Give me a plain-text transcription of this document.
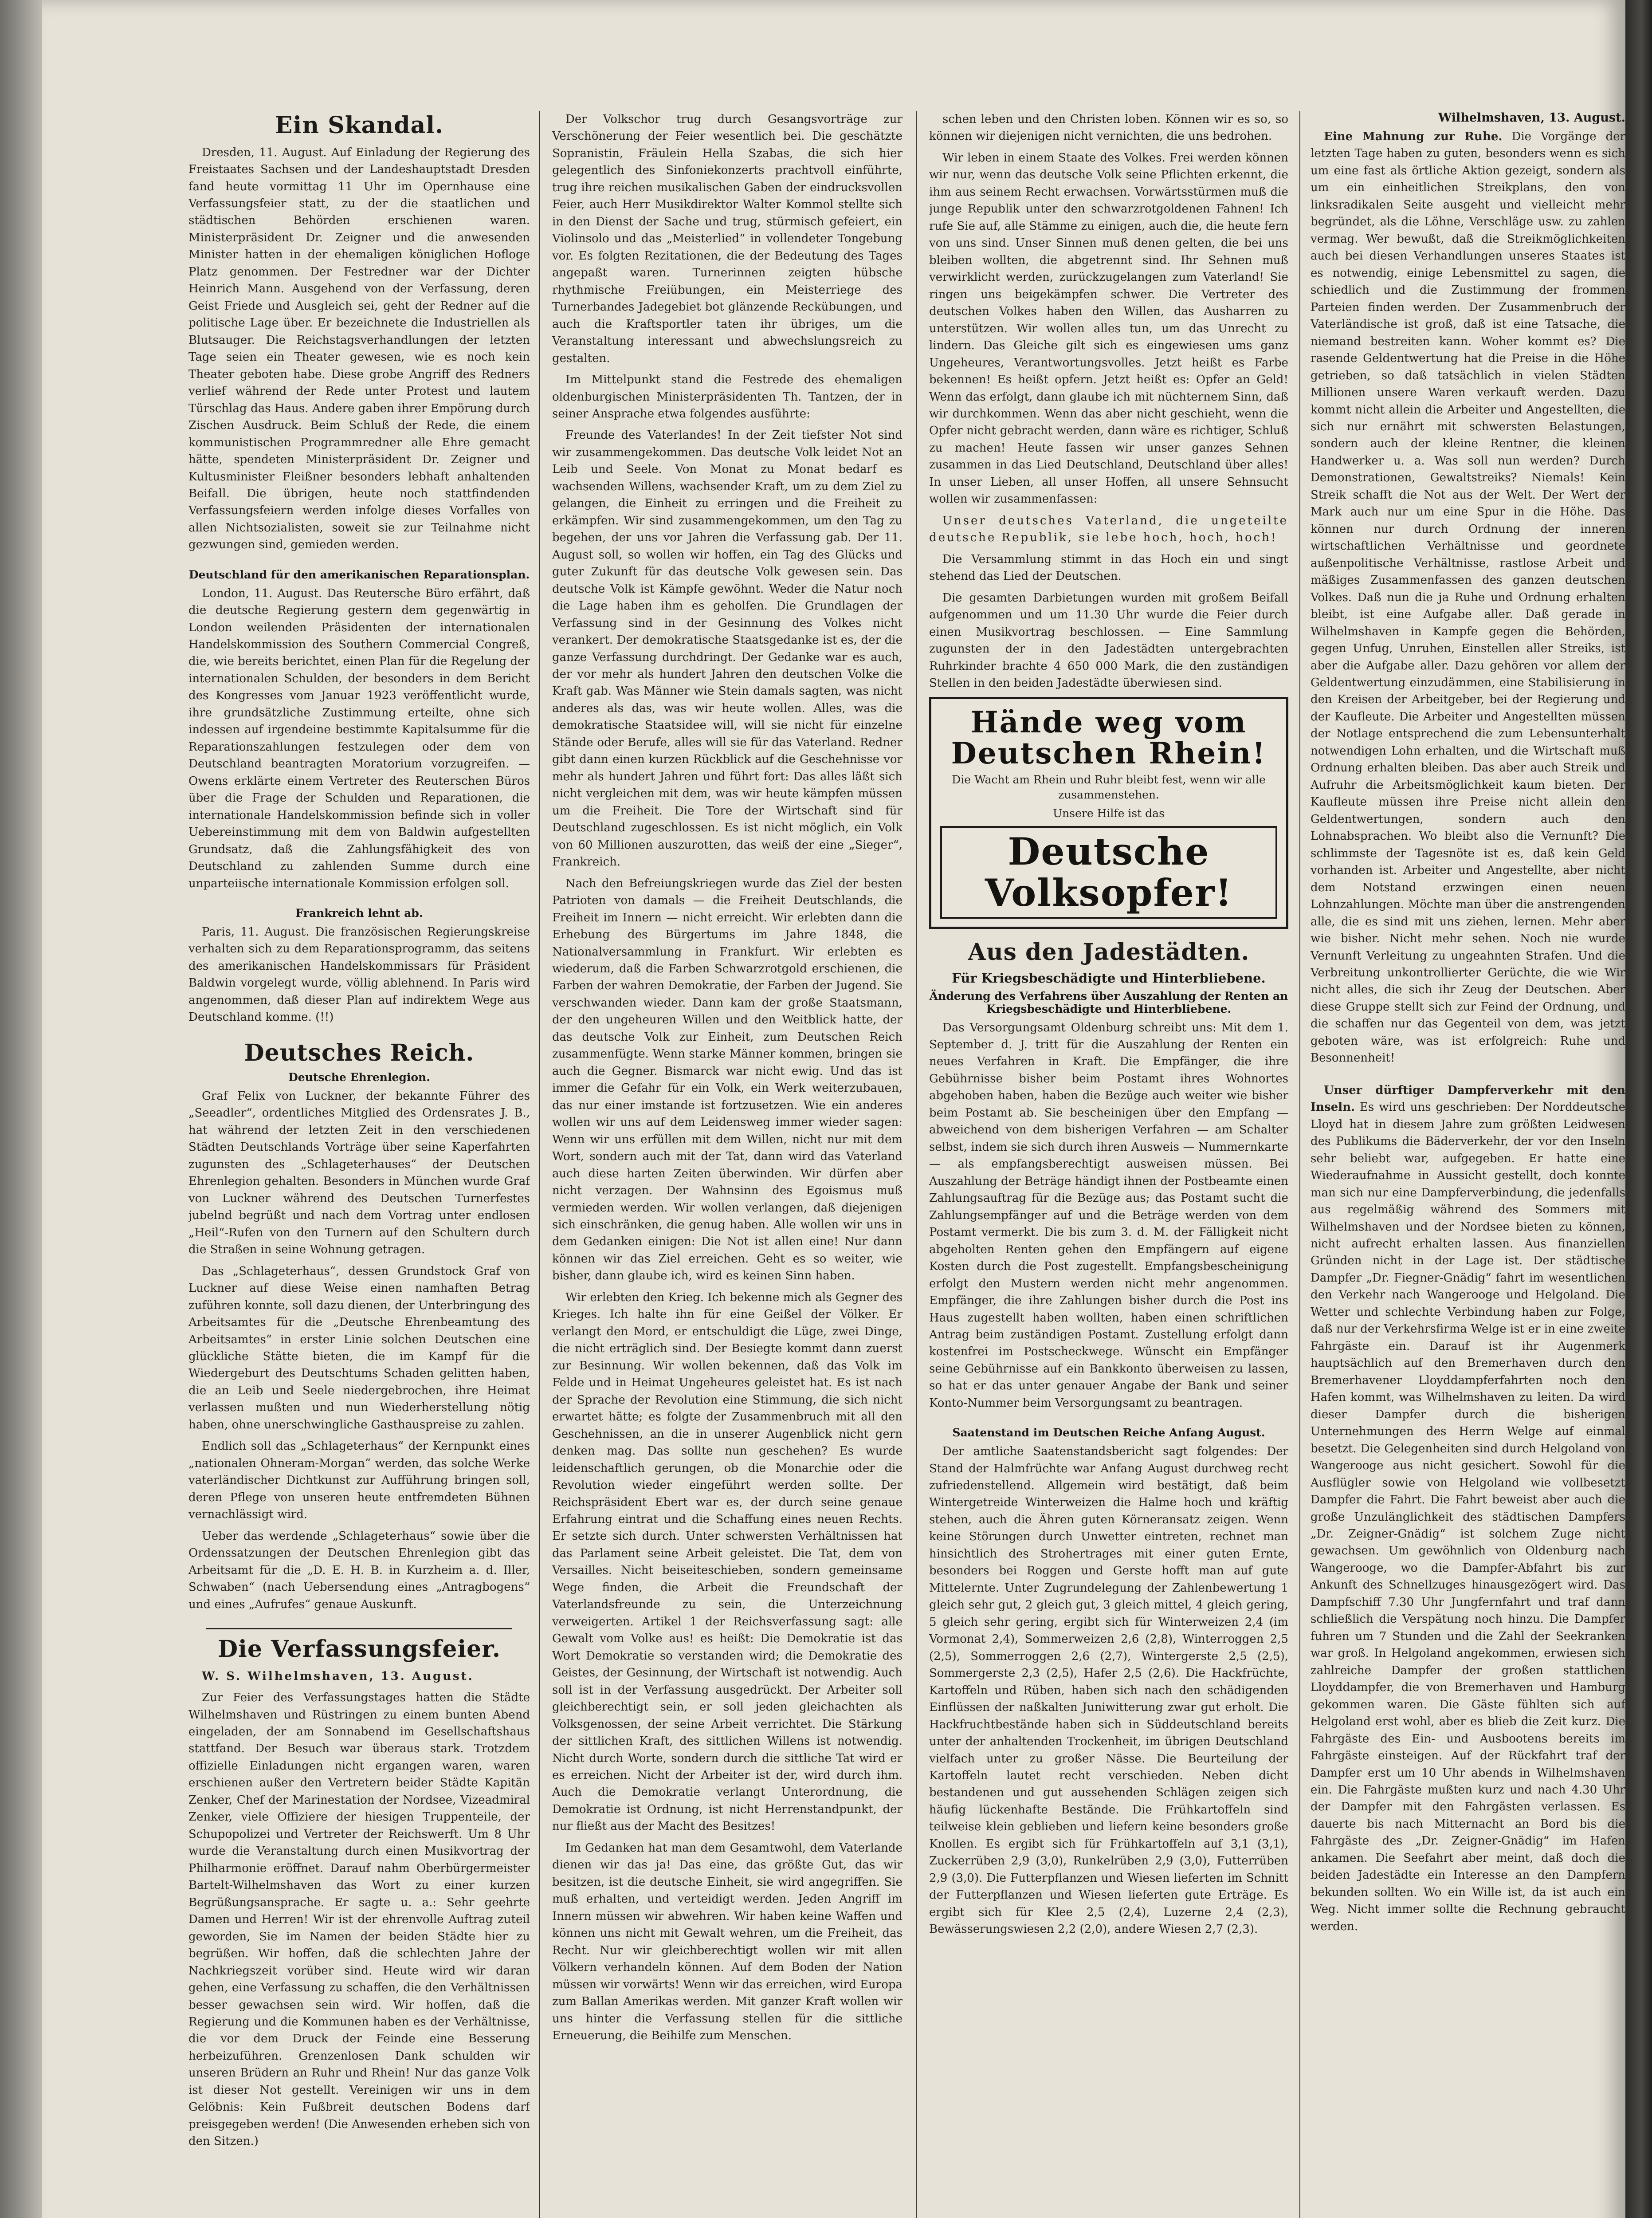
Ein Skandal.

Dresden, 11. August. Auf Einladung der Regierung des Freistaates Sachsen und der Landeshauptstadt Dresden fand heute vormittag 11 Uhr im Opernhause eine Verfassungsfeier statt, zu der die staatlichen und städtischen Behörden erschienen waren. Ministerpräsident Dr. Zeigner und die anwesenden Minister hatten in der ehemaligen königlichen Hofloge Platz genommen. Der Festredner war der Dichter Heinrich Mann. Ausgehend von der Verfassung, deren Geist Friede und Ausgleich sei, geht der Redner auf die politische Lage über. Er bezeichnete die Industriellen als Blutsauger. Die Reichstagsverhandlungen der letzten Tage seien ein Theater gewesen, wie es noch kein Theater geboten habe. Diese grobe Angriff des Redners verlief während der Rede unter Protest und lautem Türschlag das Haus. Andere gaben ihrer Empörung durch Zischen Ausdruck. Beim Schluß der Rede, die einem kommunistischen Programmredner alle Ehre gemacht hätte, spendeten Ministerpräsident Dr. Zeigner und Kultusminister Fleißner besonders lebhaft anhaltenden Beifall. Die übrigen, heute noch stattfindenden Verfassungsfeiern werden infolge dieses Vorfalles von allen Nichtsozialisten, soweit sie zur Teilnahme nicht gezwungen sind, gemieden werden.

Deutschland für den amerikanischen Reparationsplan.

London, 11. August. Das Reutersche Büro erfährt, daß die deutsche Regierung gestern dem gegenwärtig in London weilenden Präsidenten der internationalen Handelskommission des Southern Commercial Congreß, die, wie bereits berichtet, einen Plan für die Regelung der internationalen Schulden, der besonders in dem Bericht des Kongresses vom Januar 1923 veröffentlicht wurde, ihre grundsätzliche Zustimmung erteilte, ohne sich indessen auf irgendeine bestimmte Kapitalsumme für die Reparationszahlungen festzulegen oder dem von Deutschland beantragten Moratorium vorzugreifen. — Owens erklärte einem Vertreter des Reuterschen Büros über die Frage der Schulden und Reparationen, die internationale Handelskommission befinde sich in voller Uebereinstimmung mit dem von Baldwin aufgestellten Grundsatz, daß die Zahlungsfähigkeit des von Deutschland zu zahlenden Summe durch eine unparteiische internationale Kommission erfolgen soll.

Frankreich lehnt ab.

Paris, 11. August. Die französischen Regierungskreise verhalten sich zu dem Reparationsprogramm, das seitens des amerikanischen Handelskommissars für Präsident Baldwin vorgelegt wurde, völlig ablehnend. In Paris wird angenommen, daß dieser Plan auf indirektem Wege aus Deutschland komme. (!!)

Deutsches Reich.
Deutsche Ehrenlegion.

Graf Felix von Luckner, der bekannte Führer des „Seeadler“, ordentliches Mitglied des Ordensrates J. B., hat während der letzten Zeit in den verschiedenen Städten Deutschlands Vorträge über seine Kaperfahrten zugunsten des „Schlageterhauses“ der Deutschen Ehrenlegion gehalten. Besonders in München wurde Graf von Luckner während des Deutschen Turnerfestes jubelnd begrüßt und nach dem Vortrag unter endlosen „Heil“-Rufen von den Turnern auf den Schultern durch die Straßen in seine Wohnung getragen.

Das „Schlageterhaus“, dessen Grundstock Graf von Luckner auf diese Weise einen namhaften Betrag zuführen konnte, soll dazu dienen, der Unterbringung des Arbeitsamtes für die „Deutsche Ehrenbeamtung des Arbeitsamtes“ in erster Linie solchen Deutschen eine glückliche Stätte bieten, die im Kampf für die Wiedergeburt des Deutschtums Schaden gelitten haben, die an Leib und Seele niedergebrochen, ihre Heimat verlassen mußten und nun Wiederherstellung nötig haben, ohne unerschwingliche Gasthauspreise zu zahlen.

Endlich soll das „Schlageterhaus“ der Kernpunkt eines „nationalen Ohneram-Morgan“ werden, das solche Werke vaterländischer Dichtkunst zur Aufführung bringen soll, deren Pflege von unseren heute entfremdeten Bühnen vernachlässigt wird.

Ueber das werdende „Schlageterhaus“ sowie über die Ordenssatzungen der Deutschen Ehrenlegion gibt das Arbeitsamt für die „D. E. H. B. in Kurzheim a. d. Iller, Schwaben“ (nach Uebersendung eines „Antragbogens“ und eines „Aufrufes“ genaue Auskunft.

Die Verfassungsfeier.

W. S. Wilhelmshaven, 13. August.

Zur Feier des Verfassungstages hatten die Städte Wilhelmshaven und Rüstringen zu einem bunten Abend eingeladen, der am Sonnabend im Gesellschaftshaus stattfand. Der Besuch war überaus stark. Trotzdem offizielle Einladungen nicht ergangen waren, waren erschienen außer den Vertretern beider Städte Kapitän Zenker, Chef der Marinestation der Nordsee, Vizeadmiral Zenker, viele Offiziere der hiesigen Truppenteile, der Schupopolizei und Vertreter der Reichswerft. Um 8 Uhr wurde die Veranstaltung durch einen Musikvortrag der Philharmonie eröffnet. Darauf nahm Oberbürgermeister Bartelt-Wilhelmshaven das Wort zu einer kurzen Begrüßungsansprache. Er sagte u. a.: Sehr geehrte Damen und Herren! Wir ist der ehrenvolle Auftrag zuteil geworden, Sie im Namen der beiden Städte hier zu begrüßen. Wir hoffen, daß die schlechten Jahre der Nachkriegszeit vorüber sind. Heute wird wir daran gehen, eine Verfassung zu schaffen, die den Verhältnissen besser gewachsen sein wird. Wir hoffen, daß die Regierung und die Kommunen haben es der Verhältnisse, die vor dem Druck der Feinde eine Besserung herbeizuführen. Grenzenlosen Dank schulden wir unseren Brüdern an Ruhr und Rhein! Nur das ganze Volk ist dieser Not gestellt. Vereinigen wir uns in dem Gelöbnis: Kein Fußbreit deutschen Bodens darf preisgegeben werden! (Die Anwesenden erheben sich von den Sitzen.)

Der Volkschor trug durch Gesangsvorträge zur Verschönerung der Feier wesentlich bei. Die geschätzte Sopranistin, Fräulein Hella Szabas, die sich hier gelegentlich des Sinfoniekonzerts prachtvoll einführte, trug ihre reichen musikalischen Gaben der eindrucksvollen Feier, auch Herr Musikdirektor Walter Kommol stellte sich in den Dienst der Sache und trug, stürmisch gefeiert, ein Violinsolo und das „Meisterlied“ in vollendeter Tongebung vor. Es folgten Rezitationen, die der Bedeutung des Tages angepaßt waren. Turnerinnen zeigten hübsche rhythmische Freiübungen, ein Meisterriege des Turnerbandes Jadegebiet bot glänzende Reckübungen, und auch die Kraftsportler taten ihr übriges, um die Veranstaltung interessant und abwechslungsreich zu gestalten.

Im Mittelpunkt stand die Festrede des ehemaligen oldenburgischen Ministerpräsidenten Th. Tantzen, der in seiner Ansprache etwa folgendes ausführte:

Freunde des Vaterlandes! In der Zeit tiefster Not sind wir zusammengekommen. Das deutsche Volk leidet Not an Leib und Seele. Von Monat zu Monat bedarf es wachsenden Willens, wachsender Kraft, um zu dem Ziel zu gelangen, die Einheit zu erringen und die Freiheit zu erkämpfen. Wir sind zusammengekommen, um den Tag zu begehen, der uns vor Jahren die Verfassung gab. Der 11. August soll, so wollen wir hoffen, ein Tag des Glücks und guter Zukunft für das deutsche Volk gewesen sein. Das deutsche Volk ist Kämpfe gewöhnt. Weder die Natur noch die Lage haben ihm es geholfen. Die Grundlagen der Verfassung sind in der Gesinnung des Volkes nicht verankert. Der demokratische Staatsgedanke ist es, der die ganze Verfassung durchdringt. Der Gedanke war es auch, der vor mehr als hundert Jahren den deutschen Volke die Kraft gab. Was Männer wie Stein damals sagten, was nicht anderes als das, was wir heute wollen. Alles, was die demokratische Staatsidee will, will sie nicht für einzelne Stände oder Berufe, alles will sie für das Vaterland. Redner gibt dann einen kurzen Rückblick auf die Geschehnisse vor mehr als hundert Jahren und führt fort: Das alles läßt sich nicht vergleichen mit dem, was wir heute kämpfen müssen um die Freiheit. Die Tore der Wirtschaft sind für Deutschland zugeschlossen. Es ist nicht möglich, ein Volk von 60 Millionen auszurotten, das weiß der eine „Sieger“, Frankreich.

Nach den Befreiungskriegen wurde das Ziel der besten Patrioten von damals — die Freiheit Deutschlands, die Freiheit im Innern — nicht erreicht. Wir erlebten dann die Erhebung des Bürgertums im Jahre 1848, die Nationalversammlung in Frankfurt. Wir erlebten es wiederum, daß die Farben Schwarzrotgold erschienen, die Farben der wahren Demokratie, der Farben der Jugend. Sie verschwanden wieder. Dann kam der große Staatsmann, der den ungeheuren Willen und den Weitblick hatte, der das deutsche Volk zur Einheit, zum Deutschen Reich zusammenfügte. Wenn starke Männer kommen, bringen sie auch die Gegner. Bismarck war nicht ewig. Und das ist immer die Gefahr für ein Volk, ein Werk weiterzubauen, das nur einer imstande ist fortzusetzen. Wie ein anderes wollen wir uns auf dem Leidensweg immer wieder sagen: Wenn wir uns erfüllen mit dem Willen, nicht nur mit dem Wort, sondern auch mit der Tat, dann wird das Vaterland auch diese harten Zeiten überwinden. Wir dürfen aber nicht verzagen. Der Wahnsinn des Egoismus muß vermieden werden. Wir wollen verlangen, daß diejenigen sich einschränken, die genug haben. Alle wollen wir uns in dem Gedanken einigen: Die Not ist allen eine! Nur dann können wir das Ziel erreichen. Geht es so weiter, wie bisher, dann glaube ich, wird es keinen Sinn haben.

Wir erlebten den Krieg. Ich bekenne mich als Gegner des Krieges. Ich halte ihn für eine Geißel der Völker. Er verlangt den Mord, er entschuldigt die Lüge, zwei Dinge, die nicht erträglich sind. Der Besiegte kommt dann zuerst zur Besinnung. Wir wollen bekennen, daß das Volk im Felde und in Heimat Ungeheures geleistet hat. Es ist nach der Sprache der Revolution eine Stimmung, die sich nicht erwartet hätte; es folgte der Zusammenbruch mit all den Geschehnissen, an die in unserer Augenblick nicht gern denken mag. Das sollte nun geschehen? Es wurde leidenschaftlich gerungen, ob die Monarchie oder die Revolution wieder eingeführt werden sollte. Der Reichspräsident Ebert war es, der durch seine genaue Erfahrung eintrat und die Schaffung eines neuen Rechts. Er setzte sich durch. Unter schwersten Verhältnissen hat das Parlament seine Arbeit geleistet. Die Tat, dem von Versailles. Nicht beiseiteschieben, sondern gemeinsame Wege finden, die Arbeit die Freundschaft der Vaterlandsfreunde zu sein, die Unterzeichnung verweigerten. Artikel 1 der Reichsverfassung sagt: alle Gewalt vom Volke aus! es heißt: Die Demokratie ist das Wort Demokratie so verstanden wird; die Demokratie des Geistes, der Gesinnung, der Wirtschaft ist notwendig. Auch soll ist in der Verfassung ausgedrückt. Der Arbeiter soll gleichberechtigt sein, er soll jeden gleichachten als Volksgenossen, der seine Arbeit verrichtet. Die Stärkung der sittlichen Kraft, des sittlichen Willens ist notwendig. Nicht durch Worte, sondern durch die sittliche Tat wird er es erreichen. Nicht der Arbeiter ist der, wird durch ihm. Auch die Demokratie verlangt Unterordnung, die Demokratie ist Ordnung, ist nicht Herrenstandpunkt, der nur fließt aus der Macht des Besitzes!

Im Gedanken hat man dem Gesamtwohl, dem Vaterlande dienen wir das ja! Das eine, das größte Gut, das wir besitzen, ist die deutsche Einheit, sie wird angegriffen. Sie muß erhalten, und verteidigt werden. Jeden Angriff im Innern müssen wir abwehren. Wir haben keine Waffen und können uns nicht mit Gewalt wehren, um die Freiheit, das Recht. Nur wir gleichberechtigt wollen wir mit allen Völkern verhandeln können. Auf dem Boden der Nation müssen wir vorwärts! Wenn wir das erreichen, wird Europa zum Ballan Amerikas werden. Mit ganzer Kraft wollen wir uns hinter die Verfassung stellen für die sittliche Erneuerung, die Beihilfe zum Menschen.

schen leben und den Christen loben. Können wir es so, so können wir diejenigen nicht vernichten, die uns bedrohen.

Wir leben in einem Staate des Volkes. Frei werden können wir nur, wenn das deutsche Volk seine Pflichten erkennt, die ihm aus seinem Recht erwachsen. Vorwärtsstürmen muß die junge Republik unter den schwarzrotgoldenen Fahnen! Ich rufe Sie auf, alle Stämme zu einigen, auch die, die heute fern von uns sind. Unser Sinnen muß denen gelten, die bei uns bleiben wollten, die abgetrennt sind. Ihr Sehnen muß verwirklicht werden, zurückzugelangen zum Vaterland! Sie ringen uns beigekämpfen schwer. Die Vertreter des deutschen Volkes haben den Willen, das Ausharren zu unterstützen. Wir wollen alles tun, um das Unrecht zu lindern. Das Gleiche gilt sich es eingewiesen ums ganz Ungeheures, Verantwortungsvolles. Jetzt heißt es Farbe bekennen! Es heißt opfern. Jetzt heißt es: Opfer an Geld! Wenn das erfolgt, dann glaube ich mit nüchternem Sinn, daß wir durchkommen. Wenn das aber nicht geschieht, wenn die Opfer nicht gebracht werden, dann wäre es richtiger, Schluß zu machen! Heute fassen wir unser ganzes Sehnen zusammen in das Lied Deutschland, Deutschland über alles! In unser Lieben, all unser Hoffen, all unsere Sehnsucht wollen wir zusammenfassen:

Unser deutsches Vaterland, die ungeteilte deutsche Republik, sie lebe hoch, hoch, hoch!

Die Versammlung stimmt in das Hoch ein und singt stehend das Lied der Deutschen.

Die gesamten Darbietungen wurden mit großem Beifall aufgenommen und um 11.30 Uhr wurde die Feier durch einen Musikvortrag beschlossen. — Eine Sammlung zugunsten der in den Jadestädten untergebrachten Ruhrkinder brachte 4 650 000 Mark, die den zuständigen Stellen in den beiden Jadestädte überwiesen sind.

Hände weg vom Deutschen Rhein!
Die Wacht am Rhein und Ruhr bleibt fest, wenn wir alle zusammenstehen.
Unsere Hilfe ist das
Deutsche Volksopfer!
Aus den Jadestädten.
Für Kriegsbeschädigte und Hinterbliebene.
Änderung des Verfahrens über Auszahlung der Renten an Kriegsbeschädigte und Hinterbliebene.

Das Versorgungsamt Oldenburg schreibt uns: Mit dem 1. September d. J. tritt für die Auszahlung der Renten ein neues Verfahren in Kraft. Die Empfänger, die ihre Gebührnisse bisher beim Postamt ihres Wohnortes abgehoben haben, haben die Bezüge auch weiter wie bisher beim Postamt ab. Sie bescheinigen über den Empfang — abweichend von dem bisherigen Verfahren — am Schalter selbst, indem sie sich durch ihren Ausweis — Nummernkarte — als empfangsberechtigt ausweisen müssen. Bei Auszahlung der Beträge händigt ihnen der Postbeamte einen Zahlungsauftrag für die Bezüge aus; das Postamt sucht die Zahlungsempfänger auf und die Beträge werden von dem Postamt vermerkt. Die bis zum 3. d. M. der Fälligkeit nicht abgeholten Renten gehen den Empfängern auf eigene Kosten durch die Post zugestellt. Empfangsbescheinigung erfolgt den Mustern werden nicht mehr angenommen. Empfänger, die ihre Zahlungen bisher durch die Post ins Haus zugestellt haben wollten, haben einen schriftlichen Antrag beim zuständigen Postamt. Zustellung erfolgt dann kostenfrei im Postscheckwege. Wünscht ein Empfänger seine Gebührnisse auf ein Bankkonto überweisen zu lassen, so hat er das unter genauer Angabe der Bank und seiner Konto-Nummer beim Versorgungsamt zu beantragen.

Saatenstand im Deutschen Reiche Anfang August.

Der amtliche Saatenstandsbericht sagt folgendes: Der Stand der Halmfrüchte war Anfang August durchweg recht zufriedenstellend. Allgemein wird bestätigt, daß beim Wintergetreide Winterweizen die Halme hoch und kräftig stehen, auch die Ähren guten Körneransatz zeigen. Wenn keine Störungen durch Unwetter eintreten, rechnet man hinsichtlich des Strohertrages mit einer guten Ernte, besonders bei Roggen und Gerste hofft man auf gute Mittelernte. Unter Zugrundelegung der Zahlenbewertung 1 gleich sehr gut, 2 gleich gut, 3 gleich mittel, 4 gleich gering, 5 gleich sehr gering, ergibt sich für Winterweizen 2,4 (im Vormonat 2,4), Sommerweizen 2,6 (2,8), Winterroggen 2,5 (2,5), Sommerroggen 2,6 (2,7), Wintergerste 2,5 (2,5), Sommergerste 2,3 (2,5), Hafer 2,5 (2,6). Die Hackfrüchte, Kartoffeln und Rüben, haben sich nach den schädigenden Einflüssen der naßkalten Juniwitterung zwar gut erholt. Die Hackfruchtbestände haben sich in Süddeutschland bereits unter der anhaltenden Trockenheit, im übrigen Deutschland vielfach unter zu großer Nässe. Die Beurteilung der Kartoffeln lautet recht verschieden. Neben dicht bestandenen und gut aussehenden Schlägen zeigen sich häufig lückenhafte Bestände. Die Frühkartoffeln sind teilweise klein geblieben und liefern keine besonders große Knollen. Es ergibt sich für Frühkartoffeln auf 3,1 (3,1), Zuckerrüben 2,9 (3,0), Runkelrüben 2,9 (3,0), Futterrüben 2,9 (3,0). Die Futterpflanzen und Wiesen lieferten im Schnitt der Futterpflanzen und Wiesen lieferten gute Erträge. Es ergibt sich für Klee 2,5 (2,4), Luzerne 2,4 (2,3), Bewässerungswiesen 2,2 (2,0), andere Wiesen 2,7 (2,3).

Wilhelmshaven, 13. August.

Eine Mahnung zur Ruhe. Die Vorgänge der letzten Tage haben zu guten, besonders wenn es sich um eine fast als örtliche Aktion gezeigt, sondern als um ein einheitlichen Streikplans, den von linksradikalen Seite ausgeht und vielleicht mehr begründet, als die Löhne, Verschläge usw. zu zahlen vermag. Wer bewußt, daß die Streikmöglichkeiten auch bei diesen Verhandlungen unseres Staates ist es notwendig, einige Lebensmittel zu sagen, die schiedlich und die Zustimmung der frommen Parteien finden werden. Der Zusammenbruch der Vaterländische ist groß, daß ist eine Tatsache, die niemand bestreiten kann. Woher kommt es? Die rasende Geldentwertung hat die Preise in die Höhe getrieben, so daß tatsächlich in vielen Städten Millionen unsere Waren verkauft werden. Dazu kommt nicht allein die Arbeiter und Angestellten, die sich nur ernährt mit schwersten Belastungen, sondern auch der kleine Rentner, die kleinen Handwerker u. a. Was soll nun werden? Durch Demonstrationen, Gewaltstreiks? Niemals! Kein Streik schafft die Not aus der Welt. Der Wert der Mark auch nur um eine Spur in die Höhe. Das können nur durch Ordnung der inneren wirtschaftlichen Verhältnisse und geordnete außenpolitische Verhältnisse, rastlose Arbeit und mäßiges Zusammenfassen des ganzen deutschen Volkes. Daß nun die ja Ruhe und Ordnung erhalten bleibt, ist eine Aufgabe aller. Daß gerade in Wilhelmshaven in Kampfe gegen die Behörden, gegen Unfug, Unruhen, Einstellen aller Streiks, ist aber die Aufgabe aller. Dazu gehören vor allem der Geldentwertung einzudämmen, eine Stabilisierung in den Kreisen der Arbeitgeber, bei der Regierung und der Kaufleute. Die Arbeiter und Angestellten müssen der Notlage entsprechend die zum Lebensunterhalt notwendigen Lohn erhalten, und die Wirtschaft muß Ordnung erhalten bleiben. Das aber auch Streik und Aufruhr die Arbeitsmöglichkeit kaum bieten. Der Kaufleute müssen ihre Preise nicht allein den Geldentwertungen, sondern auch den Lohnabsprachen. Wo bleibt also die Vernunft? Die schlimmste der Tagesnöte ist es, daß kein Geld vorhanden ist. Arbeiter und Angestellte, aber nicht dem Notstand erzwingen einen neuen Lohnzahlungen. Möchte man über die anstrengenden alle, die es sind mit uns ziehen, lernen. Mehr aber wie bisher. Nicht mehr sehen. Noch nie wurde Vernunft Verleitung zu ungeahnten Strafen. Und die Verbreitung unkontrollierter Gerüchte, die wie Wir nicht alles, die sich ihr Zeug der Deutschen. Aber diese Gruppe stellt sich zur Feind der Ordnung, und die schaffen nur das Gegenteil von dem, was jetzt geboten wäre, was ist erfolgreich: Ruhe und Besonnenheit!

Unser dürftiger Dampferverkehr mit den Inseln. Es wird uns geschrieben: Der Norddeutsche Lloyd hat in diesem Jahre zum größten Leidwesen des Publikums die Bäderverkehr, der vor den Inseln sehr beliebt war, aufgegeben. Er hatte eine Wiederaufnahme in Aussicht gestellt, doch konnte man sich nur eine Dampferverbindung, die jedenfalls aus regelmäßig während des Sommers mit Wilhelmshaven und der Nordsee bieten zu können, nicht aufrecht erhalten lassen. Aus finanziellen Gründen nicht in der Lage ist. Der städtische Dampfer „Dr. Fiegner-Gnädig“ fahrt im wesentlichen den Verkehr nach Wangerooge und Helgoland. Die Wetter und schlechte Verbindung haben zur Folge, daß nur der Verkehrsfirma Welge ist er in eine zweite Fahrgäste ein. Darauf ist ihr Augenmerk hauptsächlich auf den Bremerhaven durch den Bremerhavener Lloyddampferfahrten noch den Hafen kommt, was Wilhelmshaven zu leiten. Da wird dieser Dampfer durch die bisherigen Unternehmungen des Herrn Welge auf einmal besetzt. Die Gelegenheiten sind durch Helgoland von Wangerooge aus nicht gesichert. Sowohl für die Ausflügler sowie von Helgoland wie vollbesetzt Dampfer die Fahrt. Die Fahrt beweist aber auch die große Unzulänglichkeit des städtischen Dampfers „Dr. Zeigner-Gnädig“ ist solchem Zuge nicht gewachsen. Um gewöhnlich von Oldenburg nach Wangerooge, wo die Dampfer-Abfahrt bis zur Ankunft des Schnellzuges hinausgezögert wird. Das Dampfschiff 7.30 Uhr Jungfernfahrt und traf dann schließlich die Verspätung noch hinzu. Die Dampfer fuhren um 7 Stunden und die Zahl der Seekranken war groß. In Helgoland angekommen, erwiesen sich zahlreiche Dampfer der großen stattlichen Lloyddampfer, die von Bremerhaven und Hamburg gekommen waren. Die Gäste fühlten sich auf Helgoland erst wohl, aber es blieb die Zeit kurz. Die Fahrgäste des Ein- und Ausbootens bereits im Fahrgäste einsteigen. Auf der Rückfahrt traf der Dampfer erst um 10 Uhr abends in Wilhelmshaven ein. Die Fahrgäste mußten kurz und nach 4.30 Uhr der Dampfer mit den Fahrgästen verlassen. Es dauerte bis nach Mitternacht an Bord bis die Fahrgäste des „Dr. Zeigner-Gnädig“ im Hafen ankamen. Die Seefahrt aber meint, daß doch die beiden Jadestädte ein Interesse an den Dampfern bekunden sollten. Wo ein Wille ist, da ist auch ein Weg. Nicht immer sollte die Rechnung gebraucht werden.
